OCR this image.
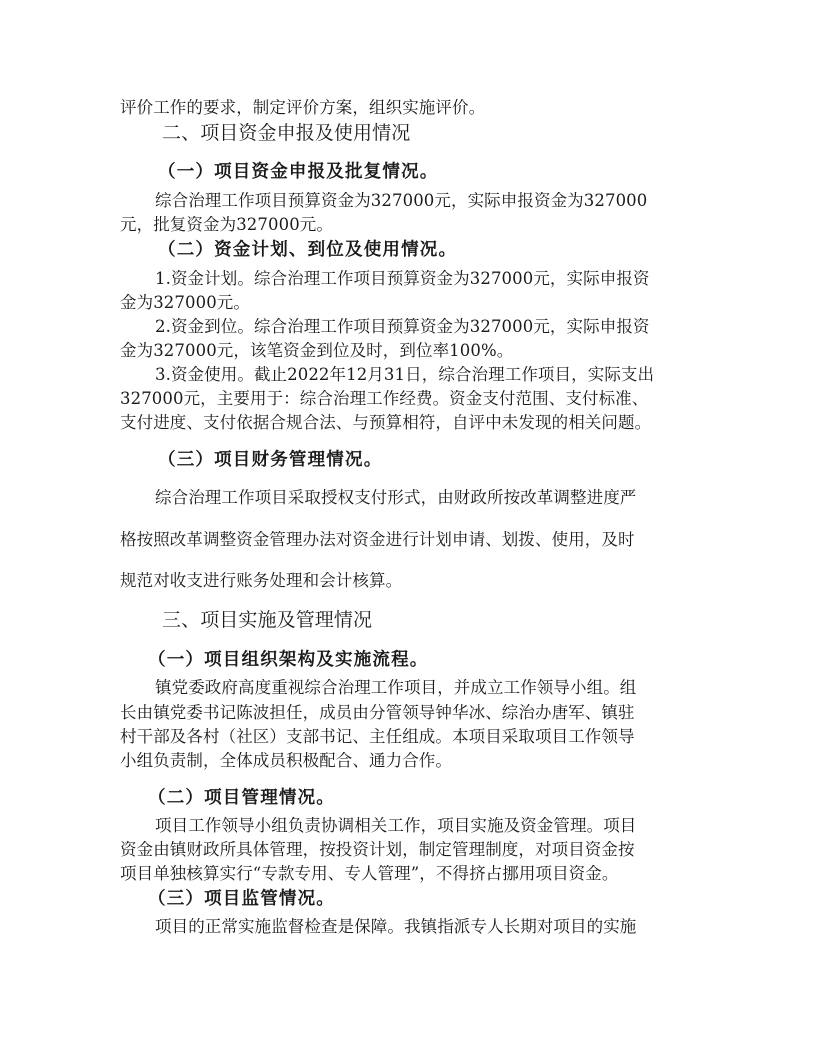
评价工作的要求，制定评价方案，组织实施评价。
二、项目资金申报及使用情况
（一）项目资金申报及批复情况。
综合治理工作项目预算资金为327000元，实际申报资金为327000
元，批复资金为327000元。
（二）资金计划、到位及使用情况。
1.资金计划。综合治理工作项目预算资金为327000元，实际申报资
金为327000元。
2.资金到位。综合治理工作项目预算资金为327000元，实际申报资
金为327000元，该笔资金到位及时，到位率100%。
3.资金使用。截止2022年12月31日，综合治理工作项目，实际支出
327000元，主要用于：综合治理工作经费。资金支付范围、支付标准、
支付进度、支付依据合规合法、与预算相符，自评中未发现的相关问题。
（三）项目财务管理情况。
综合治理工作项目采取授权支付形式，由财政所按改革调整进度严
格按照改革调整资金管理办法对资金进行计划申请、划拨、使用，及时
规范对收支进行账务处理和会计核算。
三、项目实施及管理情况
（一）项目组织架构及实施流程。
镇党委政府高度重视综合治理工作项目，并成立工作领导小组。组
长由镇党委书记陈波担任，成员由分管领导钟华冰、综治办唐军、镇驻
村干部及各村（社区）支部书记、主任组成。本项目采取项目工作领导
小组负责制，全体成员积极配合、通力合作。
（二）项目管理情况。
项目工作领导小组负责协调相关工作，项目实施及资金管理。项目
资金由镇财政所具体管理，按投资计划，制定管理制度，对项目资金按
项目单独核算实行“专款专用、专人管理”，不得挤占挪用项目资金。
（三）项目监管情况。
项目的正常实施监督检查是保障。我镇指派专人长期对项目的实施
